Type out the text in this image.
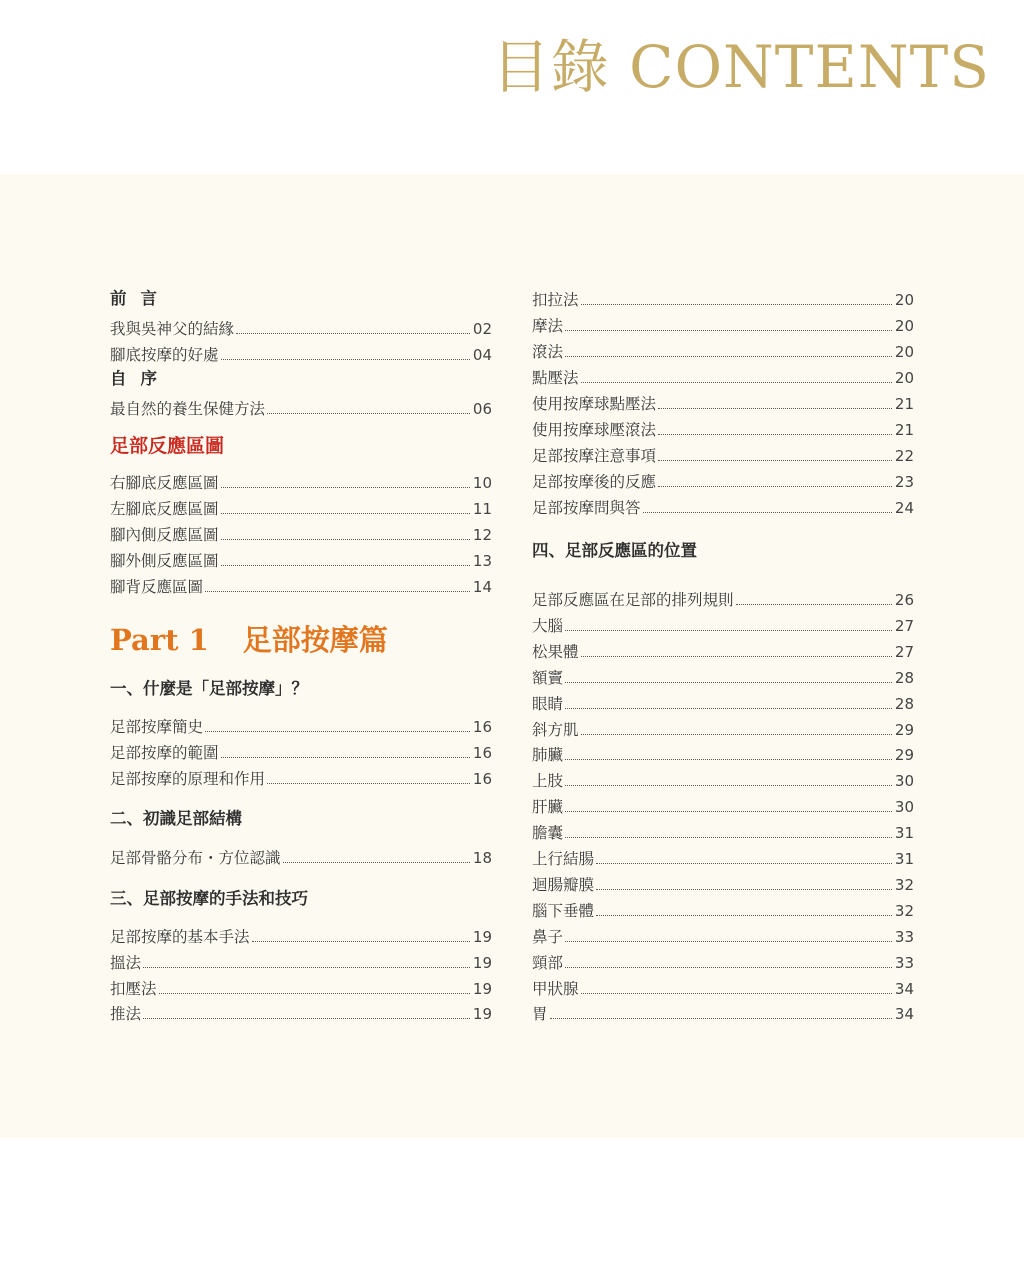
目錄 CONTENTS
前言
自序
足部反應區圖
Part 1 足部按摩篇
一、什麼是「足部按摩」？
二、初識足部結構
三、足部按摩的手法和技巧
我與吳神父的結緣	02
腳底按摩的好處	04
最自然的養生保健方法	06
右腳底反應區圖	10
左腳底反應區圖	11
腳內側反應區圖	12
腳外側反應區圖	13
腳背反應區圖	14
足部按摩簡史	16
足部按摩的範圍	16
足部按摩的原理和作用	16
足部骨骼分布・方位認識	18
足部按摩的基本手法	19
搵法	19
扣壓法	19
推法	19
四、足部反應區的位置
扣拉法	20
摩法	20
滾法	20
點壓法	20
使用按摩球點壓法	21
使用按摩球壓滾法	21
足部按摩注意事項	22
足部按摩後的反應	23
足部按摩問與答	24
足部反應區在足部的排列規則	26
大腦	27
松果體	27
額竇	28
眼睛	28
斜方肌	29
肺臟	29
上肢	30
肝臟	30
膽囊	31
上行結腸	31
迴腸瓣膜	32
腦下垂體	32
鼻子	33
頸部	33
甲狀腺	34
胃	34
